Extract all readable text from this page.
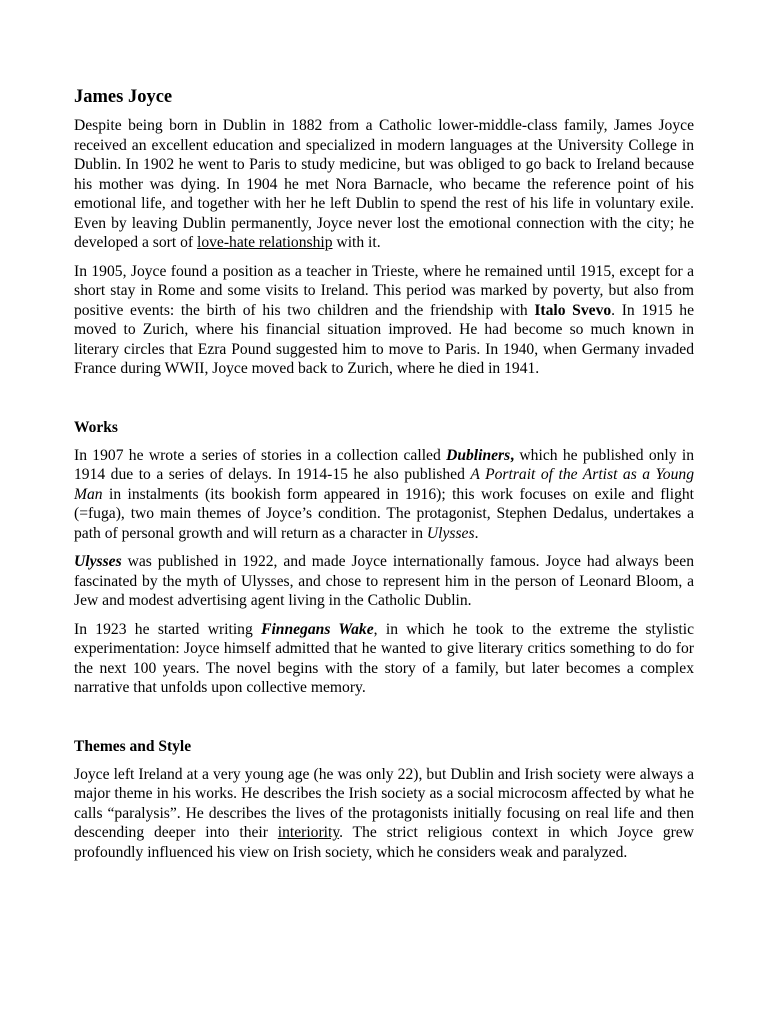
James Joyce

Despite being born in Dublin in 1882 from a Catholic lower-middle-class family, James Joyce received an excellent education and specialized in modern languages at the University College in Dublin. In 1902 he went to Paris to study medicine, but was obliged to go back to Ireland because his mother was dying. In 1904 he met Nora Barnacle, who became the reference point of his emotional life, and together with her he left Dublin to spend the rest of his life in voluntary exile. Even by leaving Dublin permanently, Joyce never lost the emotional connection with the city; he developed a sort of love-hate relationship with it.

In 1905, Joyce found a position as a teacher in Trieste, where he remained until 1915, except for a short stay in Rome and some visits to Ireland. This period was marked by poverty, but also from positive events: the birth of his two children and the friendship with Italo Svevo. In 1915 he moved to Zurich, where his financial situation improved. He had become so much known in literary circles that Ezra Pound suggested him to move to Paris. In 1940, when Germany invaded France during WWII, Joyce moved back to Zurich, where he died in 1941.

Works

In 1907 he wrote a series of stories in a collection called Dubliners, which he published only in 1914 due to a series of delays. In 1914-15 he also published A Portrait of the Artist as a Young Man in instalments (its bookish form appeared in 1916); this work focuses on exile and flight (=fuga), two main themes of Joyce’s condition. The protagonist, Stephen Dedalus, undertakes a path of personal growth and will return as a character in Ulysses.

Ulysses was published in 1922, and made Joyce internationally famous. Joyce had always been fascinated by the myth of Ulysses, and chose to represent him in the person of Leonard Bloom, a Jew and modest advertising agent living in the Catholic Dublin.

In 1923 he started writing Finnegans Wake, in which he took to the extreme the stylistic experimentation: Joyce himself admitted that he wanted to give literary critics something to do for the next 100 years. The novel begins with the story of a family, but later becomes a complex narrative that unfolds upon collective memory.

Themes and Style

Joyce left Ireland at a very young age (he was only 22), but Dublin and Irish society were always a major theme in his works. He describes the Irish society as a social microcosm affected by what he calls “paralysis”. He describes the lives of the protagonists initially focusing on real life and then descending deeper into their interiority. The strict religious context in which Joyce grew profoundly influenced his view on Irish society, which he considers weak and paralyzed.
